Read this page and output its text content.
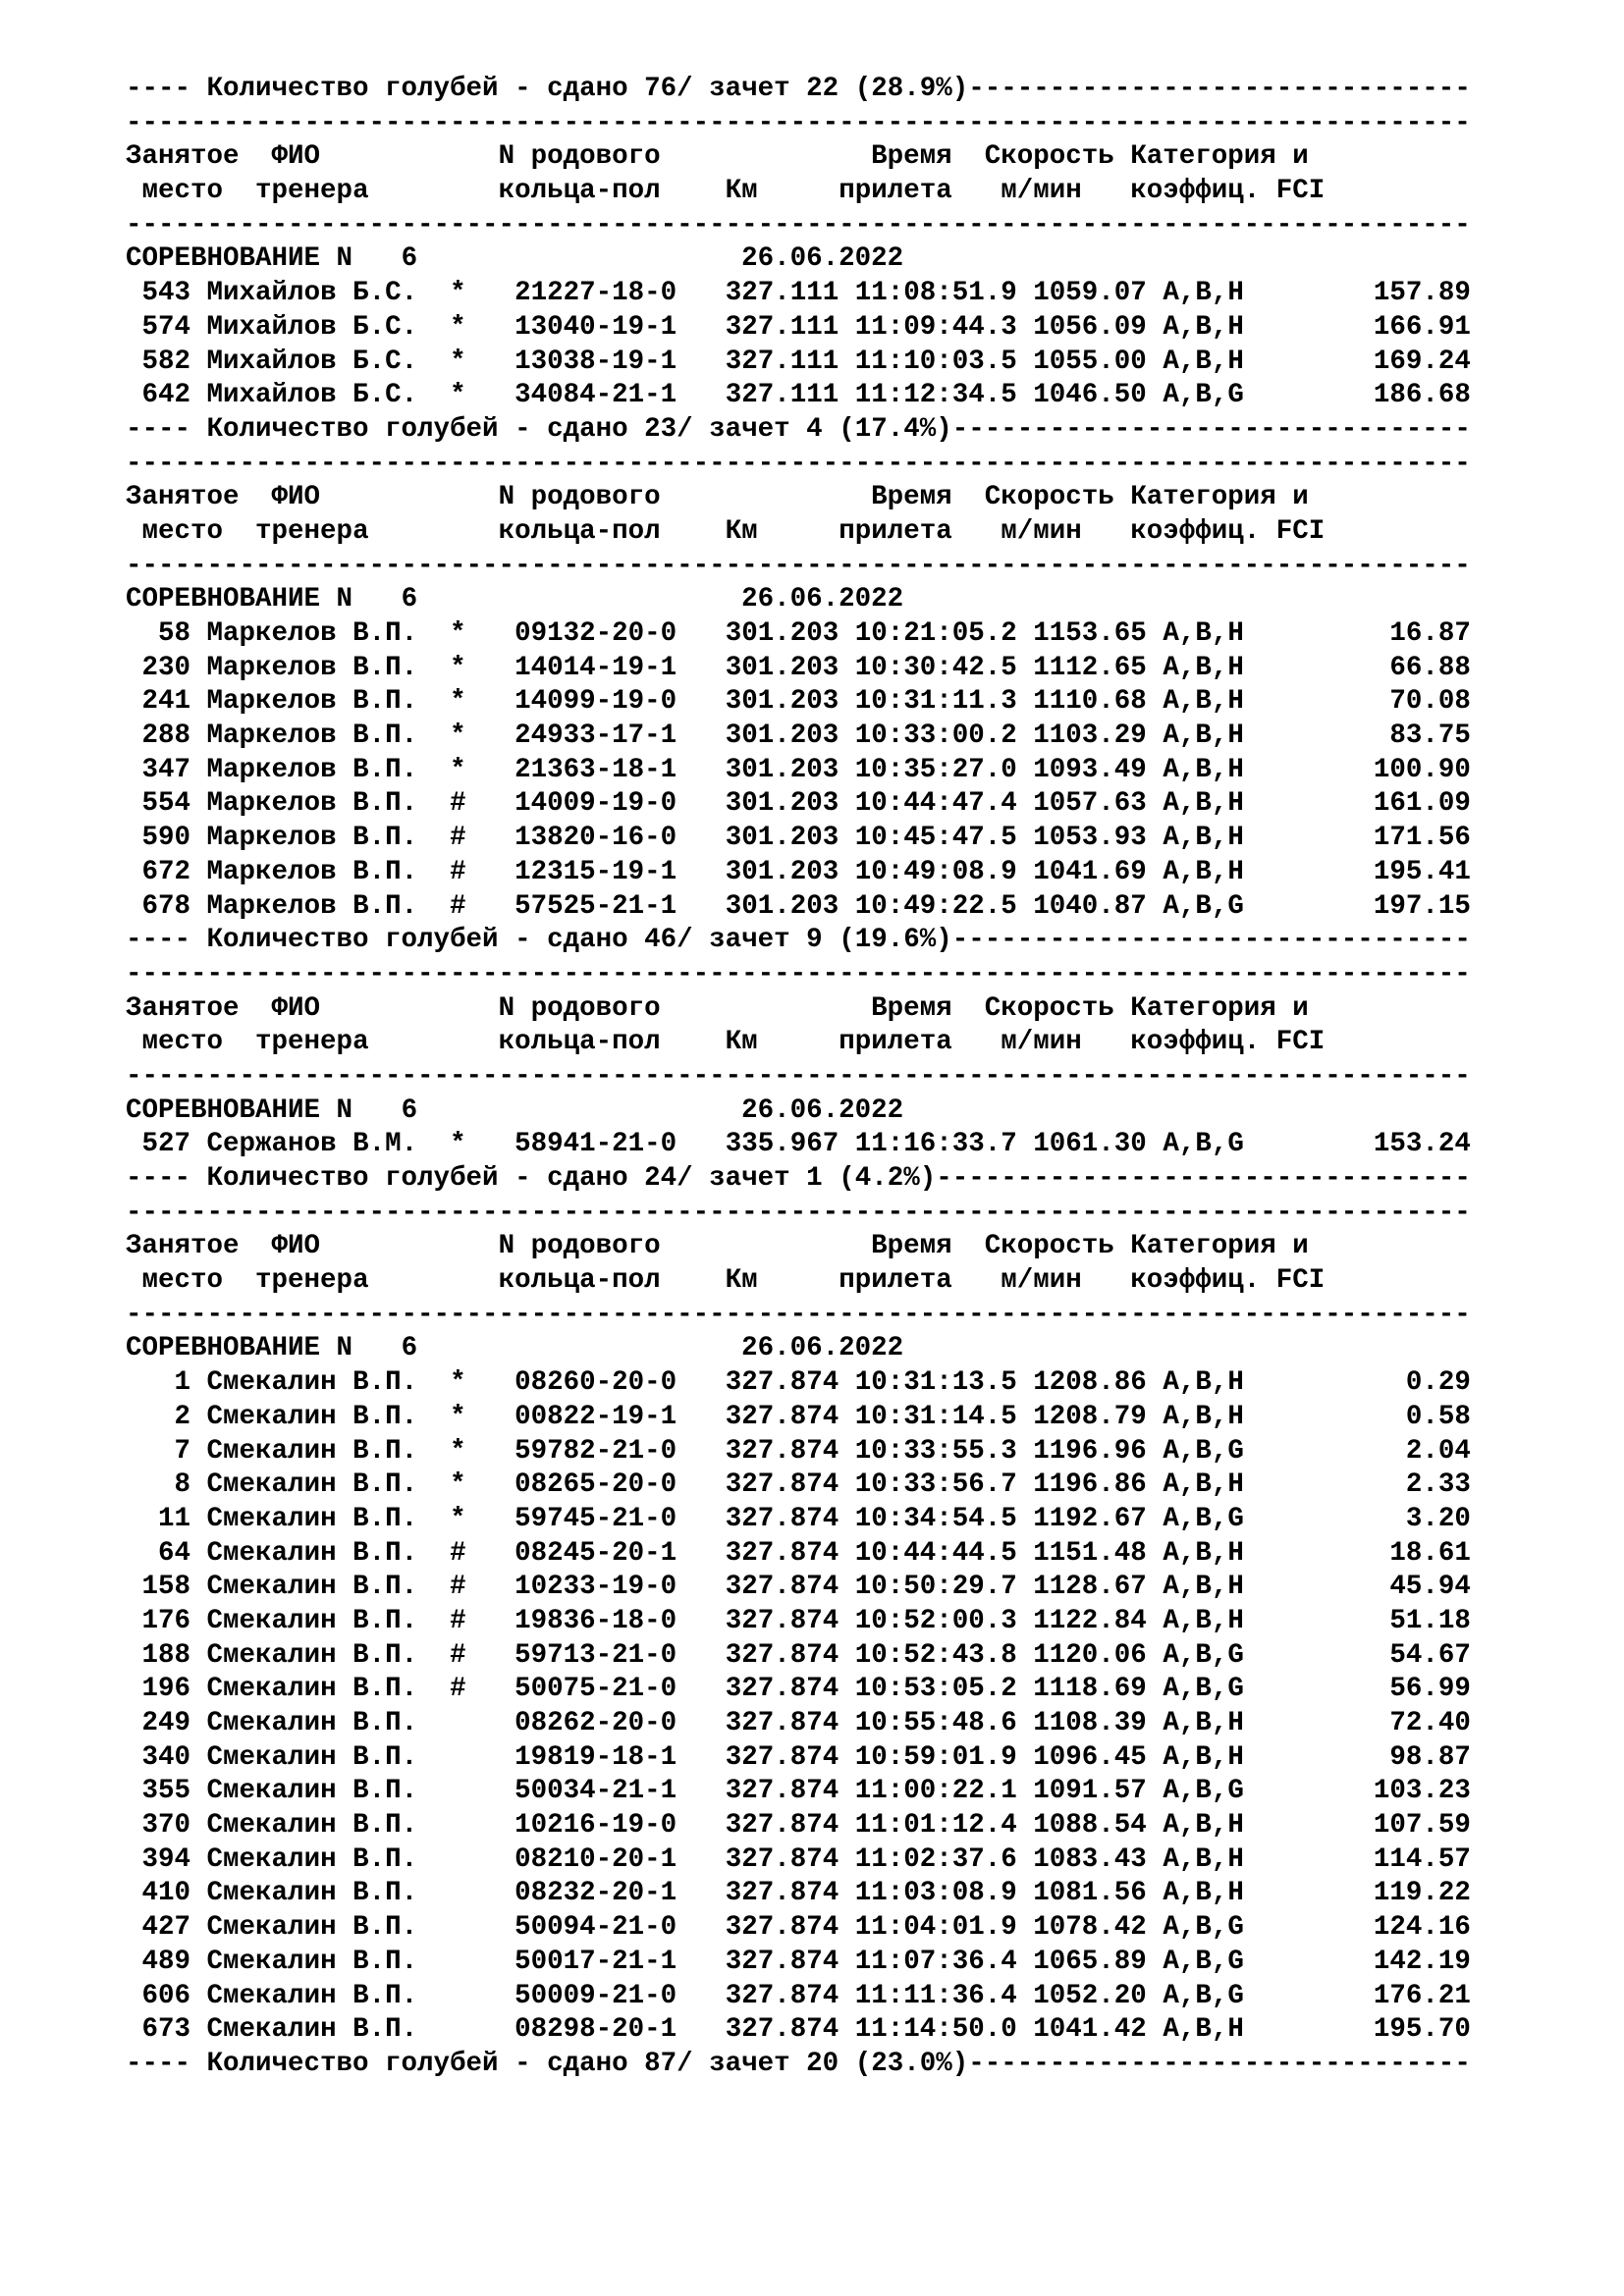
---- Количество голубей - сдано 76/ зачет 22 (28.9%)-------------------------------
-----------------------------------------------------------------------------------
Занятое ФИО	N родового	Время Скорость Категория и
место тренера	кольца-пол Км	прилета м/мин коэффиц. FCI
-----------------------------------------------------------------------------------
СОРЕВНОВАНИЕ N 6	26.06.2022
543 Михайлов Б.С. * 21227-18-0 327.111 11:08:51.9 1059.07 A,B,H	157.89
574 Михайлов Б.С. * 13040-19-1 327.111 11:09:44.3 1056.09 A,B,H	166.91
582 Михайлов Б.С. * 13038-19-1 327.111 11:10:03.5 1055.00 A,B,H	169.24
642 Михайлов Б.С. * 34084-21-1 327.111 11:12:34.5 1046.50 A,B,G	186.68
---- Количество голубей - сдано 23/ зачет 4 (17.4%)--------------------------------
-----------------------------------------------------------------------------------
Занятое ФИО	N родового	Время Скорость Категория и
место тренера	кольца-пол Км	прилета м/мин коэффиц. FCI
-----------------------------------------------------------------------------------
СОРЕВНОВАНИЕ N 6	26.06.2022
58 Маркелов В.П. * 09132-20-0 301.203 10:21:05.2 1153.65 A,B,H	16.87
230 Маркелов В.П. * 14014-19-1 301.203 10:30:42.5 1112.65 A,B,H	66.88
241 Маркелов В.П. * 14099-19-0 301.203 10:31:11.3 1110.68 A,B,H	70.08
288 Маркелов В.П. * 24933-17-1 301.203 10:33:00.2 1103.29 A,B,H	83.75
347 Маркелов В.П. * 21363-18-1 301.203 10:35:27.0 1093.49 A,B,H	100.90
554 Маркелов В.П. # 14009-19-0 301.203 10:44:47.4 1057.63 A,B,H	161.09
590 Маркелов В.П. # 13820-16-0 301.203 10:45:47.5 1053.93 A,B,H	171.56
672 Маркелов В.П. # 12315-19-1 301.203 10:49:08.9 1041.69 A,B,H	195.41
678 Маркелов В.П. # 57525-21-1 301.203 10:49:22.5 1040.87 A,B,G	197.15
---- Количество голубей - сдано 46/ зачет 9 (19.6%)--------------------------------
-----------------------------------------------------------------------------------
Занятое ФИО	N родового	Время Скорость Категория и
место тренера	кольца-пол Км	прилета м/мин коэффиц. FCI
-----------------------------------------------------------------------------------
СОРЕВНОВАНИЕ N 6	26.06.2022
527 Сержанов В.М. * 58941-21-0 335.967 11:16:33.7 1061.30 A,B,G	153.24
---- Количество голубей - сдано 24/ зачет 1 (4.2%)---------------------------------
-----------------------------------------------------------------------------------
Занятое ФИО	N родового	Время Скорость Категория и
место тренера	кольца-пол Км	прилета м/мин коэффиц. FCI
-----------------------------------------------------------------------------------
СОРЕВНОВАНИЕ N 6	26.06.2022
1 Смекалин В.П. * 08260-20-0 327.874 10:31:13.5 1208.86 A,B,H	0.29
2 Смекалин В.П. * 00822-19-1 327.874 10:31:14.5 1208.79 A,B,H	0.58
7 Смекалин В.П. * 59782-21-0 327.874 10:33:55.3 1196.96 A,B,G	2.04
8 Смекалин В.П. * 08265-20-0 327.874 10:33:56.7 1196.86 A,B,H	2.33
11 Смекалин В.П. * 59745-21-0 327.874 10:34:54.5 1192.67 A,B,G	3.20
64 Смекалин В.П. # 08245-20-1 327.874 10:44:44.5 1151.48 A,B,H	18.61
158 Смекалин В.П. # 10233-19-0 327.874 10:50:29.7 1128.67 A,B,H	45.94
176 Смекалин В.П. # 19836-18-0 327.874 10:52:00.3 1122.84 A,B,H	51.18
188 Смекалин В.П. # 59713-21-0 327.874 10:52:43.8 1120.06 A,B,G	54.67
196 Смекалин В.П. # 50075-21-0 327.874 10:53:05.2 1118.69 A,B,G	56.99
249 Смекалин В.П.	08262-20-0 327.874 10:55:48.6 1108.39 A,B,H	72.40
340 Смекалин В.П.	19819-18-1 327.874 10:59:01.9 1096.45 A,B,H	98.87
355 Смекалин В.П.	50034-21-1 327.874 11:00:22.1 1091.57 A,B,G	103.23
370 Смекалин В.П.	10216-19-0 327.874 11:01:12.4 1088.54 A,B,H	107.59
394 Смекалин В.П.	08210-20-1 327.874 11:02:37.6 1083.43 A,B,H	114.57
410 Смекалин В.П.	08232-20-1 327.874 11:03:08.9 1081.56 A,B,H	119.22
427 Смекалин В.П.	50094-21-0 327.874 11:04:01.9 1078.42 A,B,G	124.16
489 Смекалин В.П.	50017-21-1 327.874 11:07:36.4 1065.89 A,B,G	142.19
606 Смекалин В.П.	50009-21-0 327.874 11:11:36.4 1052.20 A,B,G	176.21
673 Смекалин В.П.	08298-20-1 327.874 11:14:50.0 1041.42 A,B,H	195.70
---- Количество голубей - сдано 87/ зачет 20 (23.0%)-------------------------------
